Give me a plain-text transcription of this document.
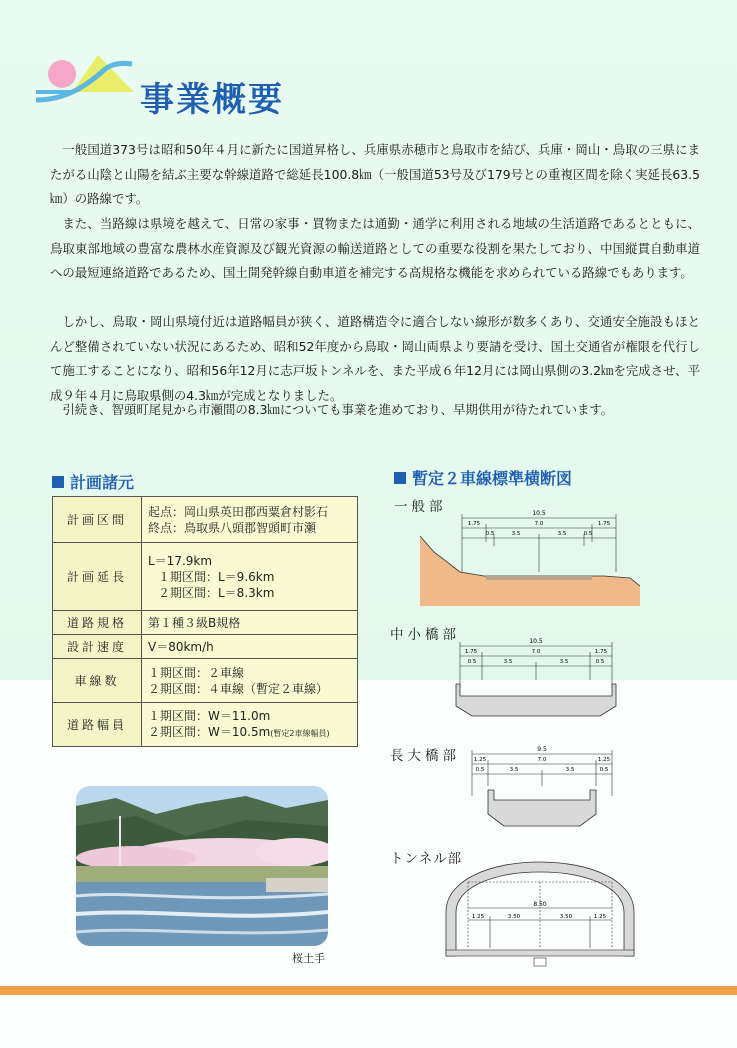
事業概要

一般国道373号は昭和50年４月に新たに国道昇格し、兵庫県赤穂市と鳥取市を結び、兵庫・岡山・鳥取の三県にまたがる山陰と山陽を結ぶ主要な幹線道路で総延長100.8㎞（一般国道53号及び179号との重複区間を除く実延長63.5㎞）の路線です。

また、当路線は県境を越えて、日常の家事・買物または通勤・通学に利用される地域の生活道路であるとともに、鳥取東部地域の豊富な農林水産資源及び観光資源の輸送道路としての重要な役割を果たしており、中国縦貫自動車道への最短連絡道路であるため、国土開発幹線自動車道を補完する高規格な機能を求められている路線でもあります。

しかし、鳥取・岡山県境付近は道路幅員が狭く、道路構造令に適合しない線形が数多くあり、交通安全施設もほとんど整備されていない状況にあるため、昭和52年度から鳥取・岡山両県より要請を受け、国土交通省が権限を代行して施工することになり、昭和56年12月に志戸坂トンネルを、また平成６年12月には岡山県側の3.2㎞を完成させ、平成９年４月に鳥取県側の4.3㎞が完成となりました。

引続き、智頭町尾見から市瀬間の8.3㎞についても事業を進めており、早期供用が待たれています。

計画諸元
計画区間	起点：岡山県英田郡西粟倉村影石
終点：鳥取県八頭郡智頭町市瀬

計画延長	L＝17.9km
１期区間：L＝9.6km
２期区間：L＝8.3km

道路規格	第１種３級B規格
設計速度	V＝80km/h
車線数	１期区間：２車線
２期区間：４車線（暫定２車線）

道路幅員	１期区間：W＝11.0m
２期区間：W＝10.5m(暫定2車線幅員)
桜土手
暫定２車線標準横断図
一般部	10.5
1.75	7.0	1.75
0.5	3.5	3.5	0.5
中小橋部	10.5
1.75	7.0	1.75
0.5	3.5	3.5	0.5
長大橋部	9.5
1.25	7.0	1.25
0.5	3.5	3.5	0.5
トンネル部
8.50
1.25	3.50	3.50	1.25
